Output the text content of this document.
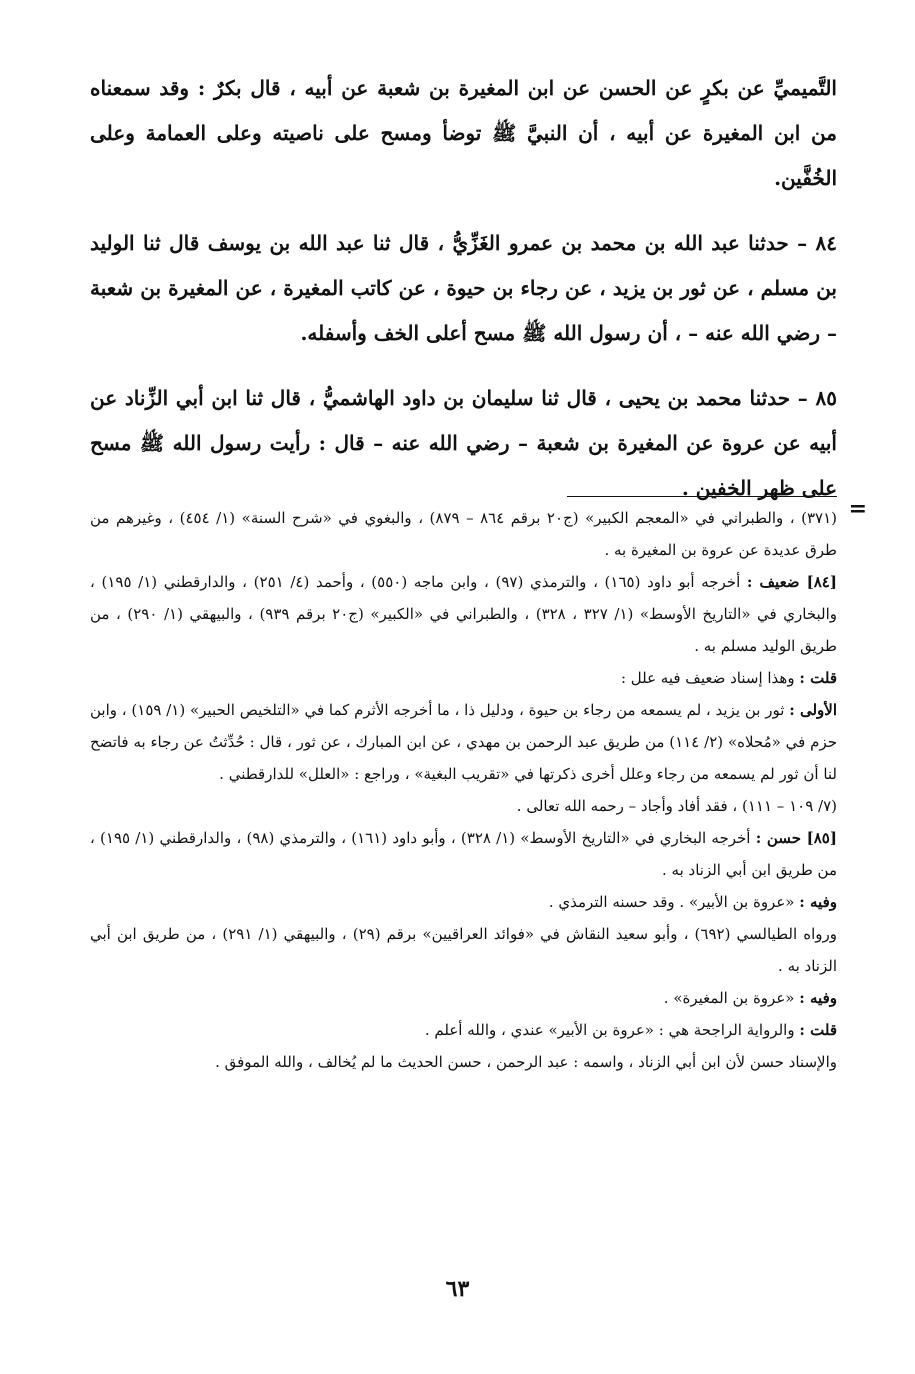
التَّميميِّ عن بكرٍ عن الحسن عن ابن المغيرة بن شعبة عن أبيه ، قال بكرٌ : وقد سمعناه من ابن المغيرة عن أبيه ، أن النبيَّ ﷺ توضأ ومسح على ناصيته وعلى العمامة وعلى الخُفَّين.

٨٤ – حدثنا عبد الله بن محمد بن عمرو الغَزِّيُّ ، قال ثنا عبد الله بن يوسف قال ثنا الوليد بن مسلم ، عن ثور بن يزيد ، عن رجاء بن حيوة ، عن كاتب المغيرة ، عن المغيرة بن شعبة – رضي الله عنه – ، أن رسول الله ﷺ مسح أعلى الخف وأسفله.

٨٥ – حدثنا محمد بن يحيى ، قال ثنا سليمان بن داود الهاشميُّ ، قال ثنا ابن أبي الزِّناد عن أبيه عن عروة عن المغيرة بن شعبة – رضي الله عنه – قال : رأيت رسول الله ﷺ مسح على ظهر الخفين .

=

(٣٧١) ، والطبراني في «المعجم الكبير» (ج٢٠ برقم ٨٦٤ – ٨٧٩) ، والبغوي في «شرح السنة» (١/ ٤٥٤) ، وغيرهم من طرق عديدة عن عروة بن المغيرة به .

[٨٤] ضعيف : أخرجه أبو داود (١٦٥) ، والترمذي (٩٧) ، وابن ماجه (٥٥٠) ، وأحمد (٤/ ٢٥١) ، والدارقطني (١/ ١٩٥) ، والبخاري في «التاريخ الأوسط» (١/ ٣٢٧ ، ٣٢٨) ، والطبراني في «الكبير» (ج٢٠ برقم ٩٣٩) ، والبيهقي (١/ ٢٩٠) ، من طريق الوليد مسلم به .

قلت : وهذا إسناد ضعيف فيه علل :

الأولى : ثور بن يزيد ، لم يسمعه من رجاء بن حيوة ، ودليل ذا ، ما أخرجه الأثرم كما في «التلخيص الحبير» (١/ ١٥٩) ، وابن حزم في «مُحلاه» (٢/ ١١٤) من طريق عبد الرحمن بن مهدي ، عن ابن المبارك ، عن ثور ، قال : حُدِّثتُ عن رجاء به فاتضح لنا أن ثور لم يسمعه من رجاء وعلل أخرى ذكرتها في «تقريب البغية» ، وراجع : «العلل» للدارقطني .

(٧/ ١٠٩ – ١١١) ، فقد أفاد وأجاد – رحمه الله تعالى .

[٨٥] حسن : أخرجه البخاري في «التاريخ الأوسط» (١/ ٣٢٨) ، وأبو داود (١٦١) ، والترمذي (٩٨) ، والدارقطني (١/ ١٩٥) ، من طريق ابن أبي الزناد به .

وفيه : «عروة بن الأبير» . وقد حسنه الترمذي .

ورواه الطيالسي (٦٩٢) ، وأبو سعيد النقاش في «فوائد العراقيين» برقم (٢٩) ، والبيهقي (١/ ٢٩١) ، من طريق ابن أبي الزناد به .

وفيه : «عروة بن المغيرة» .

قلت : والرواية الراجحة هي : «عروة بن الأبير» عندي ، والله أعلم .

والإسناد حسن لأن ابن أبي الزناد ، واسمه : عبد الرحمن ، حسن الحديث ما لم يُخالف ، والله الموفق .

٦٣
